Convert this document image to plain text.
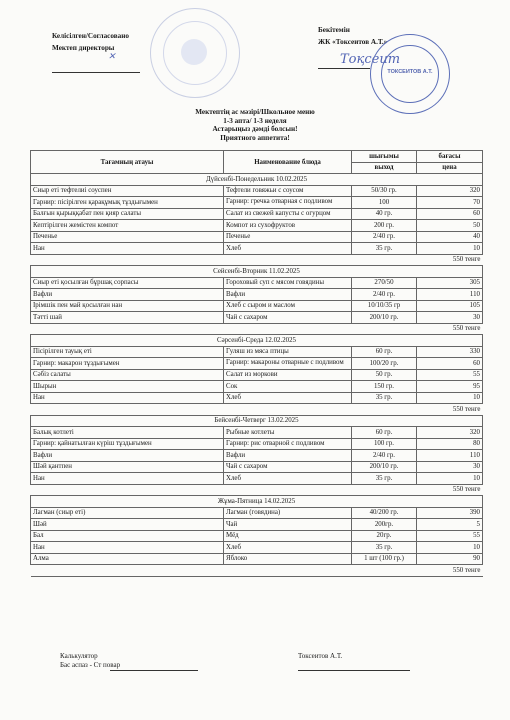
Келісілген/Согласовано
Мектеп директоры
✕
Бекітемін
ЖК «Токсеитов А.Т.»
Тоқсеит
ТОКСЕИТОВ А.Т.
Мектептің ас мәзірі/Школьное меню
1-3 апта/ 1-3 неделя
Астарыңыз дәмді болсын!
Приятного аппетита!
Тағамның атауы	Наименование блюда	шығымы	бағасы
		выход	цена
Дүйсенбі-Понедельник 10.02.2025			
Сиыр еті тефтелиі соуспен	Тефтели говяжьи с соусом	50/30 гр.	320
Гарнир: пісірілген қарақұмық тұздығымен	Гарнир: гречка отварная с подливом	100	70
Балғын қырыққабат пен қияр салаты	Салат из свежей капусты с огурцом	40 гр.	60
Кептірілген жемістен компот	Компот из сухофруктов	200 гр.	50
Печенье	Печенье	2/40 гр.	40
Нан	Хлеб	35 гр.	10
550 тенге			
Сейсенбі-Вторник 11.02.2025			
Сиыр еті қосылған бұршақ сорпасы	Гороховый суп с мясом говядины	270/50	305
Вафли	Вафли	2/40 гр.	110
Ірімшік пен май қосылған нан	Хлеб с сыром и маслом	10/10/35 гр	105
Тәтті шай	Чай с сахаром	200/10 гр.	30
550 тенге			
Сәрсенбі-Среда 12.02.2025			
Пісірілген тауық еті	Гуляш из мяса птицы	60 гр.	330
Гарнир: макарон тұздығымен	Гарнир: макароны отварные с подливом	100/20 гр.	60
Сәбіз салаты	Салат из моркови	50 гр.	55
Шырын	Сок	150 гр.	95
Нан	Хлеб	35 гр.	10
550 тенге			
Бейсенбі-Четверг 13.02.2025			
Балық котлеті	Рыбные котлеты	60 гр.	320
Гарнир: қайнатылған күріш тұздығымен	Гарнир: рис отварной с подливом	100 гр.	80
Вафли	Вафли	2/40 гр.	110
Шәй қантпен	Чай с сахаром	200/10 гр.	30
Нан	Хлеб	35 гр.	10
550 тенге			
Жұма-Пятница 14.02.2025			
Лагман (сиыр еті)	Лагман (говядина)	40/200 гр.	390
Шәй	Чай	200гр.	5
Бал	Мёд	20гр.	55
Нан	Хлеб	35 гр.	10
Алма	Яблоко	1 шт (100 гр.)	90
550 тенге			
Калькулятор
Бас аспаз - Ст повар
Токсеитов А.Т.
